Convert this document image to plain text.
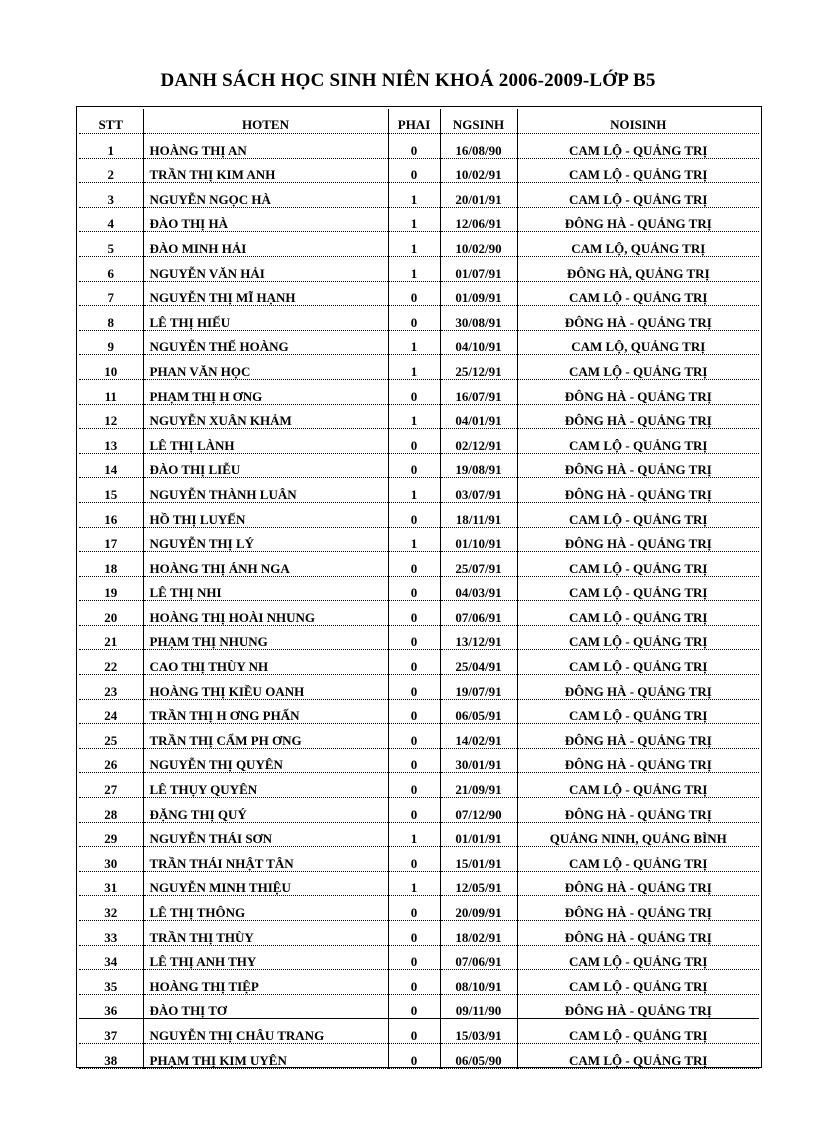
DANH SÁCH HỌC SINH NIÊN KHOÁ 2006-2009-LỚP B5
STT	HOTEN	PHAI	NGSINH	NOISINH
1	HOÀNG THỊ AN	0	16/08/90	CAM LỘ - QUẢNG TRỊ
2	TRẦN THỊ KIM ANH	0	10/02/91	CAM LỘ - QUẢNG TRỊ
3	NGUYỄN NGỌC HÀ	1	20/01/91	CAM LỘ - QUẢNG TRỊ
4	ĐÀO THỊ HÀ	1	12/06/91	ĐÔNG HÀ - QUẢNG TRỊ
5	ĐÀO MINH HẢI	1	10/02/90	CAM LỘ, QUẢNG TRỊ
6	NGUYỄN VĂN HẢI	1	01/07/91	ĐÔNG HÀ, QUẢNG TRỊ
7	NGUYỄN THỊ MĨ HẠNH	0	01/09/91	CAM LỘ - QUẢNG TRỊ
8	LÊ THỊ HIẾU	0	30/08/91	ĐÔNG HÀ - QUẢNG TRỊ
9	NGUYỄN THẾ HOÀNG	1	04/10/91	CAM LỘ, QUẢNG TRỊ
10	PHAN VĂN HỌC	1	25/12/91	CAM LỘ - QUẢNG TRỊ
11	PHẠM THỊ H ƠNG	0	16/07/91	ĐÔNG HÀ - QUẢNG TRỊ
12	NGUYỄN XUÂN KHẢM	1	04/01/91	ĐÔNG HÀ - QUẢNG TRỊ
13	LÊ THỊ LÀNH	0	02/12/91	CAM LỘ - QUẢNG TRỊ
14	ĐÀO THỊ LIỄU	0	19/08/91	ĐÔNG HÀ - QUẢNG TRỊ
15	NGUYỄN THÀNH LUÂN	1	03/07/91	ĐÔNG HÀ - QUẢNG TRỊ
16	HỒ THỊ LUYẾN	0	18/11/91	CAM LỘ - QUẢNG TRỊ
17	NGUYỄN THỊ LÝ	1	01/10/91	ĐÔNG HÀ - QUẢNG TRỊ
18	HOÀNG THỊ ÁNH NGA	0	25/07/91	CAM LỘ - QUẢNG TRỊ
19	LÊ THỊ NHI	0	04/03/91	CAM LỘ - QUẢNG TRỊ
20	HOÀNG THỊ HOÀI NHUNG	0	07/06/91	CAM LỘ - QUẢNG TRỊ
21	PHẠM THỊ NHUNG	0	13/12/91	CAM LỘ - QUẢNG TRỊ
22	CAO THỊ THÙY NH	0	25/04/91	CAM LỘ - QUẢNG TRỊ
23	HOÀNG THỊ KIỀU OANH	0	19/07/91	ĐÔNG HÀ - QUẢNG TRỊ
24	TRẦN THỊ H ƠNG PHẤN	0	06/05/91	CAM LỘ - QUẢNG TRỊ
25	TRẦN THỊ CẨM PH ƠNG	0	14/02/91	ĐÔNG HÀ - QUẢNG TRỊ
26	NGUYỄN THỊ QUYÊN	0	30/01/91	ĐÔNG HÀ - QUẢNG TRỊ
27	LÊ THỤY QUYÊN	0	21/09/91	CAM LỘ - QUẢNG TRỊ
28	ĐẶNG THỊ QUÝ	0	07/12/90	ĐÔNG HÀ - QUẢNG TRỊ
29	NGUYỄN THÁI SƠN	1	01/01/91	QUẢNG NINH, QUẢNG BÌNH
30	TRẦN THÁI NHẬT TÂN	0	15/01/91	CAM LỘ - QUẢNG TRỊ
31	NGUYỄN MINH THIỆU	1	12/05/91	ĐÔNG HÀ - QUẢNG TRỊ
32	LÊ THỊ THÔNG	0	20/09/91	ĐÔNG HÀ - QUẢNG TRỊ
33	TRẦN THỊ THÙY	0	18/02/91	ĐÔNG HÀ - QUẢNG TRỊ
34	LÊ THỊ ANH THY	0	07/06/91	CAM LỘ - QUẢNG TRỊ
35	HOÀNG THỊ TIỆP	0	08/10/91	CAM LỘ - QUẢNG TRỊ
36	ĐÀO THỊ TƠ	0	09/11/90	ĐÔNG HÀ - QUẢNG TRỊ
37	NGUYỄN THỊ CHÂU TRANG	0	15/03/91	CAM LỘ - QUẢNG TRỊ
38	PHẠM THỊ KIM UYÊN	0	06/05/90	CAM LỘ - QUẢNG TRỊ
